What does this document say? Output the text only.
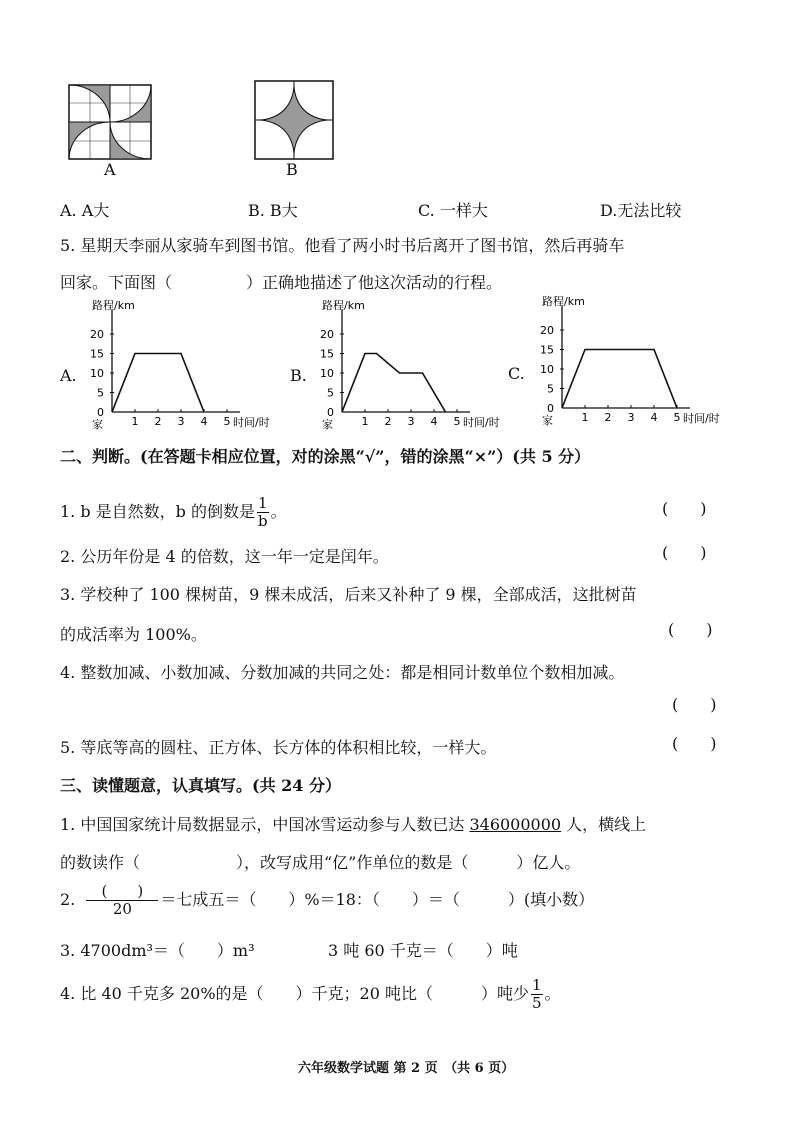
A	B
A. A大	B. B大	C. 一样大	D.无法比较
5. 星期天李丽从家骑车到图书馆。他看了两小时书后离开了图书馆，然后再骑车
回家。下面图（	）正确地描述了他这次活动的行程。
A.	B.	C.
路程/km
时间/时
家
0
5
10
15
20
1 2 3 4 5
路程/km
时间/时
家
0
5
10
15
20
1 2 3 4 5
路程/km
时间/时
家
0
5
10
15
20
1 2 3 4 5
二、判断。(在答题卡相应位置，对的涂黑“√”，错的涂黑“×”）(共 5 分）
1. b 是自然数，b 的倒数是 $\frac{1}{b}$ 。	(　　)
2. 公历年份是 4 的倍数，这一年一定是闰年。	(　　)
3. 学校种了 100 棵树苗，9 棵未成活，后来又补种了 9 棵，全部成活，这批树苗
的成活率为 100%。	(　　)
4. 整数加减、小数加减、分数加减的共同之处：都是相同计数单位个数相加减。
(　　)
5. 等底等高的圆柱、正方体、长方体的体积相比较，一样大。	(　　)
三、读懂题意，认真填写。(共 24 分）
1. 中国国家统计局数据显示，中国冰雪运动参与人数已达 346000000 人，横线上
的数读作（　　　　　　），改写成用“亿”作单位的数是（　　　）亿人。
2. $\frac{( )}{20}$ ＝七成五＝（　　）%＝18：（　　）＝（　　　）(填小数）
3. 4700dm³＝（　　）m³	3 吨 60 千克＝（　　）吨
4. 比 40 千克多 20%的是（　　）千克；20 吨比（　　　）吨少 $\frac{1}{5}$ 。
六年级数学试题 第 2 页　（共 6 页）
